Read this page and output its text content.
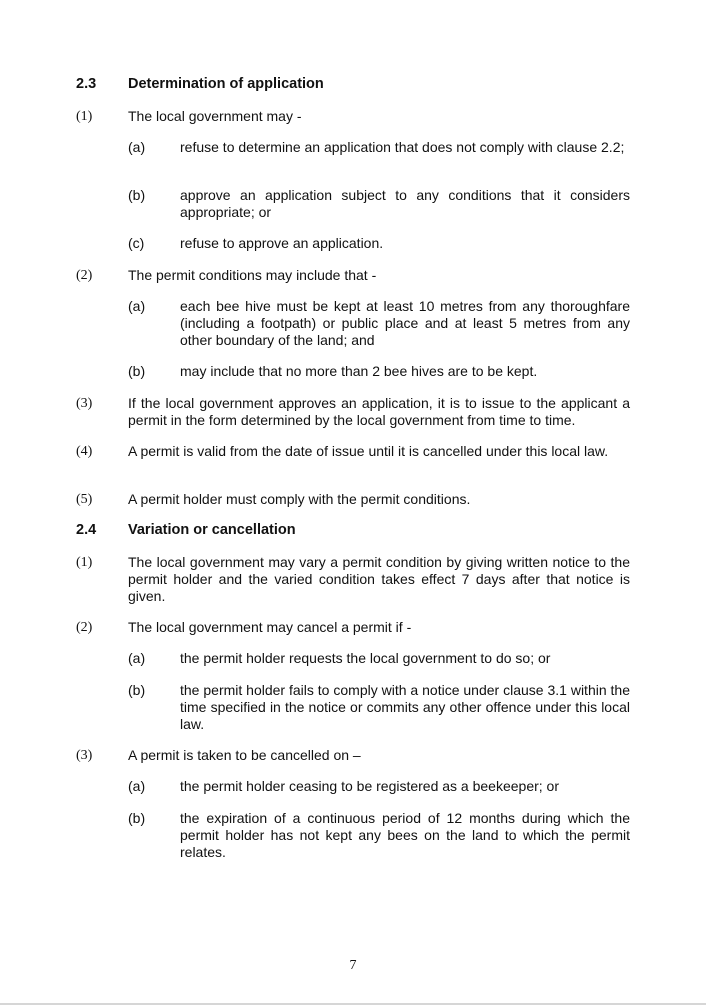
2.3 Determination of application
(1)	The local government may -
(a) refuse to determine an application that does not comply with clause 2.2;
(b) approve an application subject to any conditions that it considers appropriate; or
(c)	refuse to approve an application.
(2)	The permit conditions may include that -
(a) each bee hive must be kept at least 10 metres from any thoroughfare (including a footpath) or public place and at least 5 metres from any other boundary of the land; and
(b) may include that no more than 2 bee hives are to be kept.
(3)	If the local government approves an application, it is to issue to the applicant a permit in the form determined by the local government from time to time.
(4)	A permit is valid from the date of issue until it is cancelled under this local law.
(5)	A permit holder must comply with the permit conditions.
2.4 Variation or cancellation
(1)	The local government may vary a permit condition by giving written notice to the permit holder and the varied condition takes effect 7 days after that notice is given.
(2)	The local government may cancel a permit if -
(a) the permit holder requests the local government to do so; or
(b) the permit holder fails to comply with a notice under clause 3.1 within the time specified in the notice or commits any other offence under this local law.
(3)	A permit is taken to be cancelled on –
(a) the permit holder ceasing to be registered as a beekeeper; or
(b) the expiration of a continuous period of 12 months during which the permit holder has not kept any bees on the land to which the permit relates.
7
